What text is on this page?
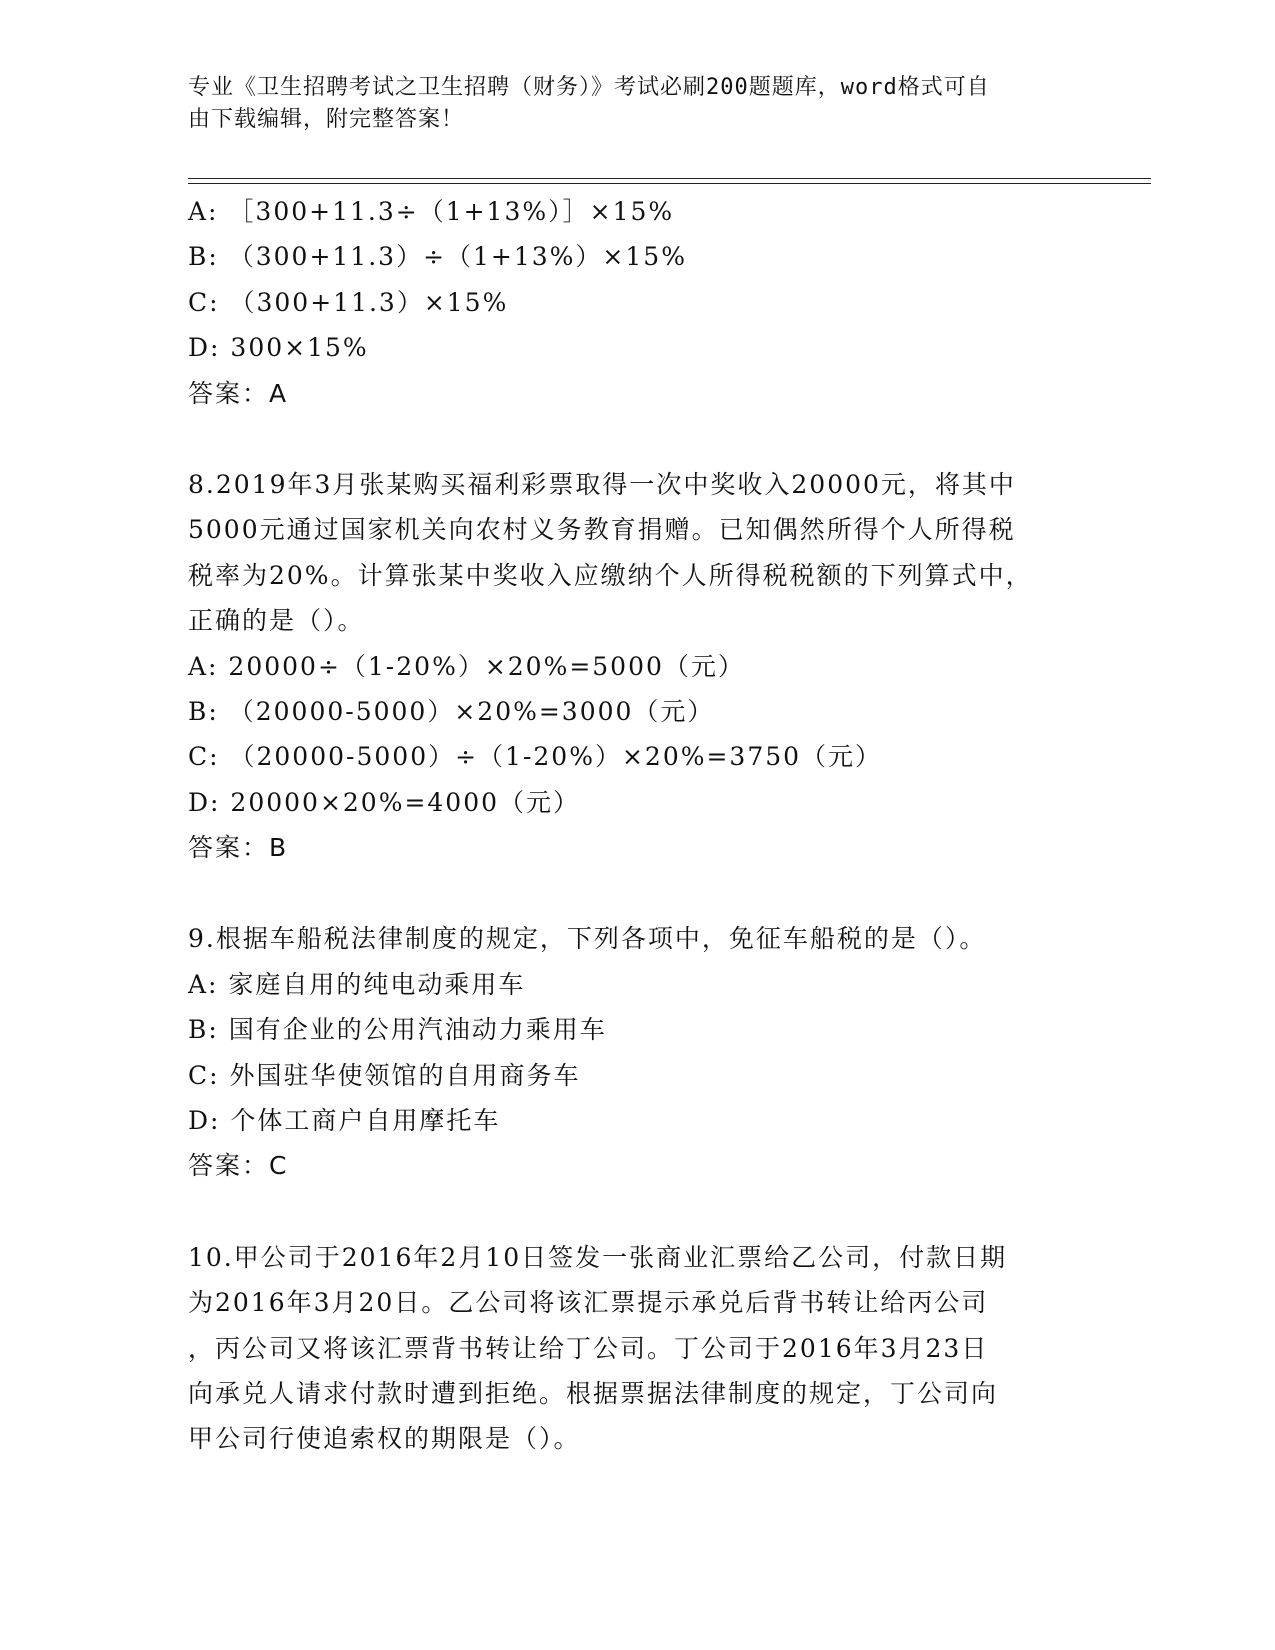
专业《卫生招聘考试之卫生招聘（财务）》考试必刷200题题库，word格式可自
由下载编辑，附完整答案！
A: ［300+11.3÷（1+13%）］×15%
B: （300+11.3）÷（1+13%）×15%
C: （300+11.3）×15%
D: 300×15%
答案：A
8.2019年3月张某购买福利彩票取得一次中奖收入20000元，将其中
5000元通过国家机关向农村义务教育捐赠。已知偶然所得个人所得税
税率为20%。计算张某中奖收入应缴纳个人所得税税额的下列算式中，
正确的是（）。
A: 20000÷（1-20%）×20%=5000（元）
B: （20000-5000）×20%=3000（元）
C: （20000-5000）÷（1-20%）×20%=3750（元）
D: 20000×20%=4000（元）
答案：B
9.根据车船税法律制度的规定，下列各项中，免征车船税的是（）。
A: 家庭自用的纯电动乘用车
B: 国有企业的公用汽油动力乘用车
C: 外国驻华使领馆的自用商务车
D: 个体工商户自用摩托车
答案：C
10.甲公司于2016年2月10日签发一张商业汇票给乙公司，付款日期
为2016年3月20日。乙公司将该汇票提示承兑后背书转让给丙公司
，丙公司又将该汇票背书转让给丁公司。丁公司于2016年3月23日
向承兑人请求付款时遭到拒绝。根据票据法律制度的规定，丁公司向
甲公司行使追索权的期限是（）。
